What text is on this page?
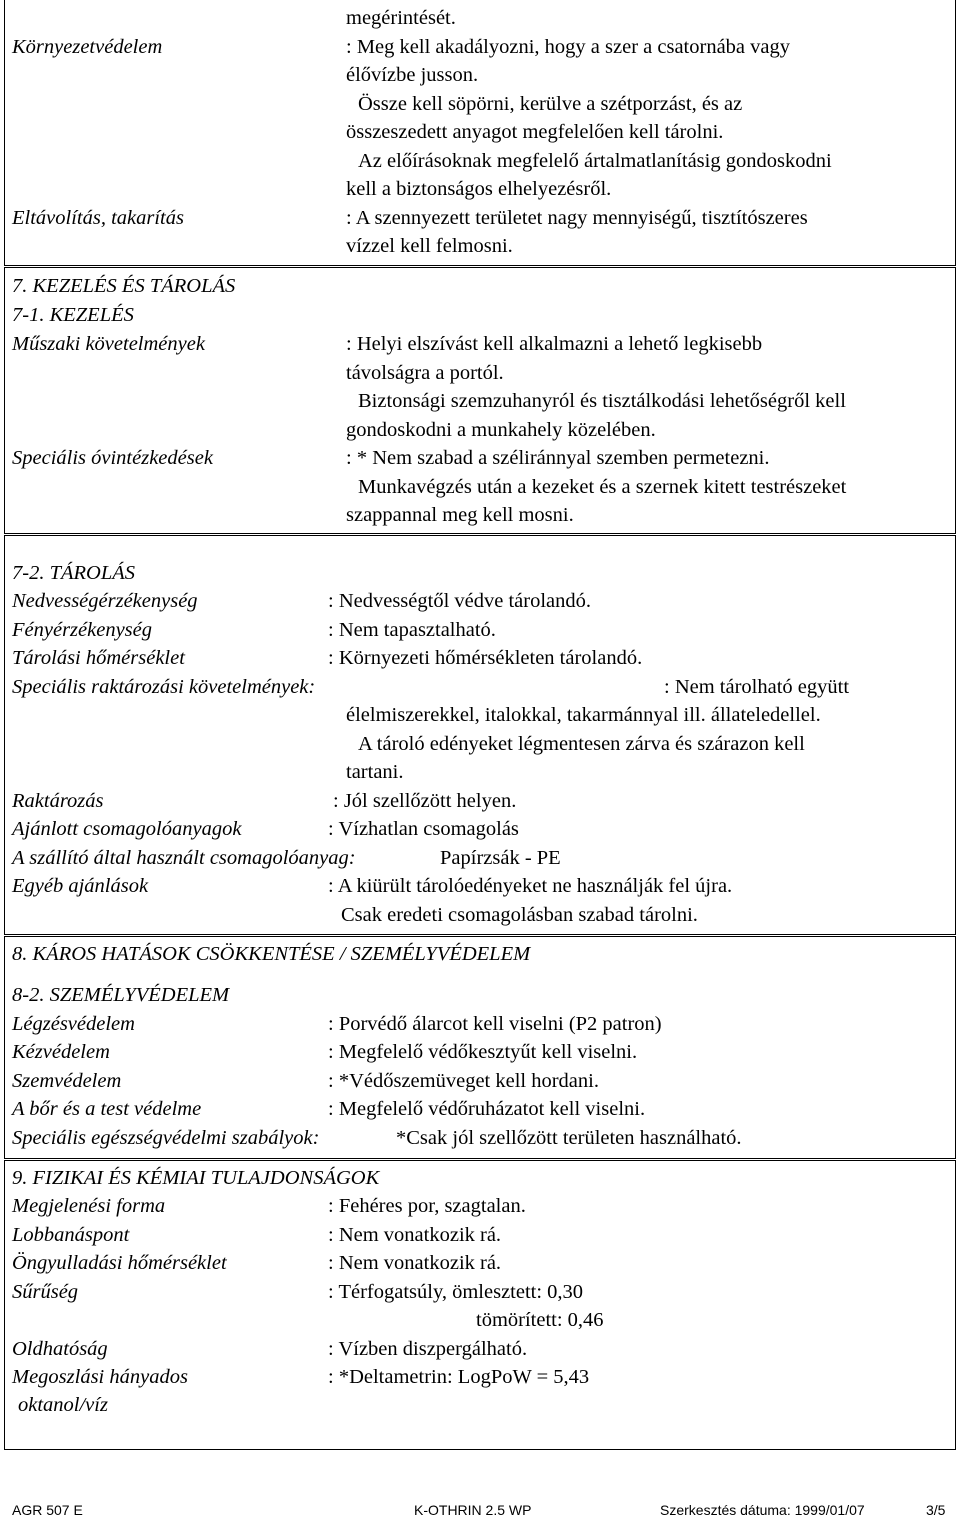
megérintését.
Környezetvédelem	: Meg kell akadályozni, hogy a szer a csatornába vagy
élővízbe jusson.
Össze kell söpörni, kerülve a szétporzást, és az
összeszedett anyagot megfelelően kell tárolni.
Az előírásoknak megfelelő ártalmatlanításig gondoskodni
kell a biztonságos elhelyezésről.
Eltávolítás, takarítás	: A szennyezett területet nagy mennyiségű, tisztítószeres
vízzel kell felmosni.
7. KEZELÉS ÉS TÁROLÁS
7-1. KEZELÉS
Műszaki követelmények	: Helyi elszívást kell alkalmazni a lehető legkisebb
távolságra a portól.
Biztonsági szemzuhanyról és tisztálkodási lehetőségről kell
gondoskodni a munkahely közelében.
Speciális óvintézkedések	: * Nem szabad a széliránnyal szemben permetezni.
Munkavégzés után a kezeket és a szernek kitett testrészeket
szappannal meg kell mosni.
7-2. TÁROLÁS
Nedvességérzékenység	: Nedvességtől védve tárolandó.
Fényérzékenység	: Nem tapasztalható.
Tárolási hőmérséklet	: Környezeti hőmérsékleten tárolandó.
Speciális raktározási követelmények:	: Nem tárolható együtt
élelmiszerekkel, italokkal, takarmánnyal ill. állateledellel.
A tároló edényeket légmentesen zárva és szárazon kell
tartani.
Raktározás	: Jól szellőzött helyen.
Ajánlott csomagolóanyagok	: Vízhatlan csomagolás
A szállító által használt csomagolóanyag:	Papírzsák - PE
Egyéb ajánlások	: A kiürült tárolóedényeket ne használják fel újra.
Csak eredeti csomagolásban szabad tárolni.
8. KÁROS HATÁSOK CSÖKKENTÉSE / SZEMÉLYVÉDELEM
8-2. SZEMÉLYVÉDELEM
Légzésvédelem	: Porvédő álarcot kell viselni (P2 patron)
Kézvédelem	: Megfelelő védőkesztyűt kell viselni.
Szemvédelem	: *Védőszemüveget kell hordani.
A bőr és a test védelme	: Megfelelő védőruházatot kell viselni.
Speciális egészségvédelmi szabályok:	*Csak jól szellőzött területen használható.
9. FIZIKAI ÉS KÉMIAI TULAJDONSÁGOK
Megjelenési forma	: Fehéres por, szagtalan.
Lobbanáspont	: Nem vonatkozik rá.
Öngyulladási hőmérséklet	: Nem vonatkozik rá.
Sűrűség	: Térfogatsúly, ömlesztett: 0,30
tömörített: 0,46
Oldhatóság	: Vízben diszpergálható.
Megoszlási hányados	: *Deltametrin: LogPoW = 5,43
oktanol/víz
AGR 507 E	K-OTHRIN 2.5 WP	Szerkesztés dátuma: 1999/01/07	3/5
